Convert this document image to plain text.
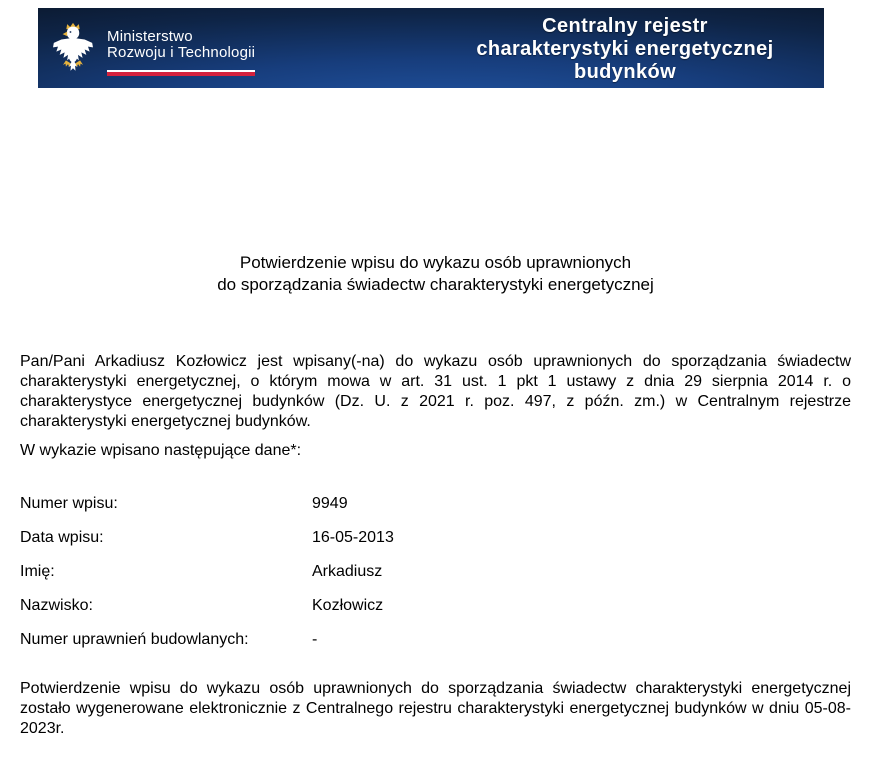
Ministerstwo
Rozwoju i Technologii
Centralny rejestr
charakterystyki energetycznej
budynków
Potwierdzenie wpisu do wykazu osób uprawnionych
do sporządzania świadectw charakterystyki energetycznej

Pan/Pani Arkadiusz Kozłowicz jest wpisany(-na) do wykazu osób uprawnionych do sporządzania świadectw charakterystyki energetycznej, o którym mowa w art. 31 ust. 1 pkt 1 ustawy z dnia 29 sierpnia 2014 r. o charakterystyce energetycznej budynków (Dz. U. z 2021 r. poz. 497, z późn. zm.) w Centralnym rejestrze charakterystyki energetycznej budynków.

W wykazie wpisano następujące dane*:

Numer wpisu:	9949
Data wpisu:	16-05-2013
Imię:	Arkadiusz
Nazwisko:	Kozłowicz
Numer uprawnień budowlanych:	-

Potwierdzenie wpisu do wykazu osób uprawnionych do sporządzania świadectw charakterystyki energetycznej zostało wygenerowane elektronicznie z Centralnego rejestru charakterystyki energetycznej budynków w dniu 05-08-2023r.
